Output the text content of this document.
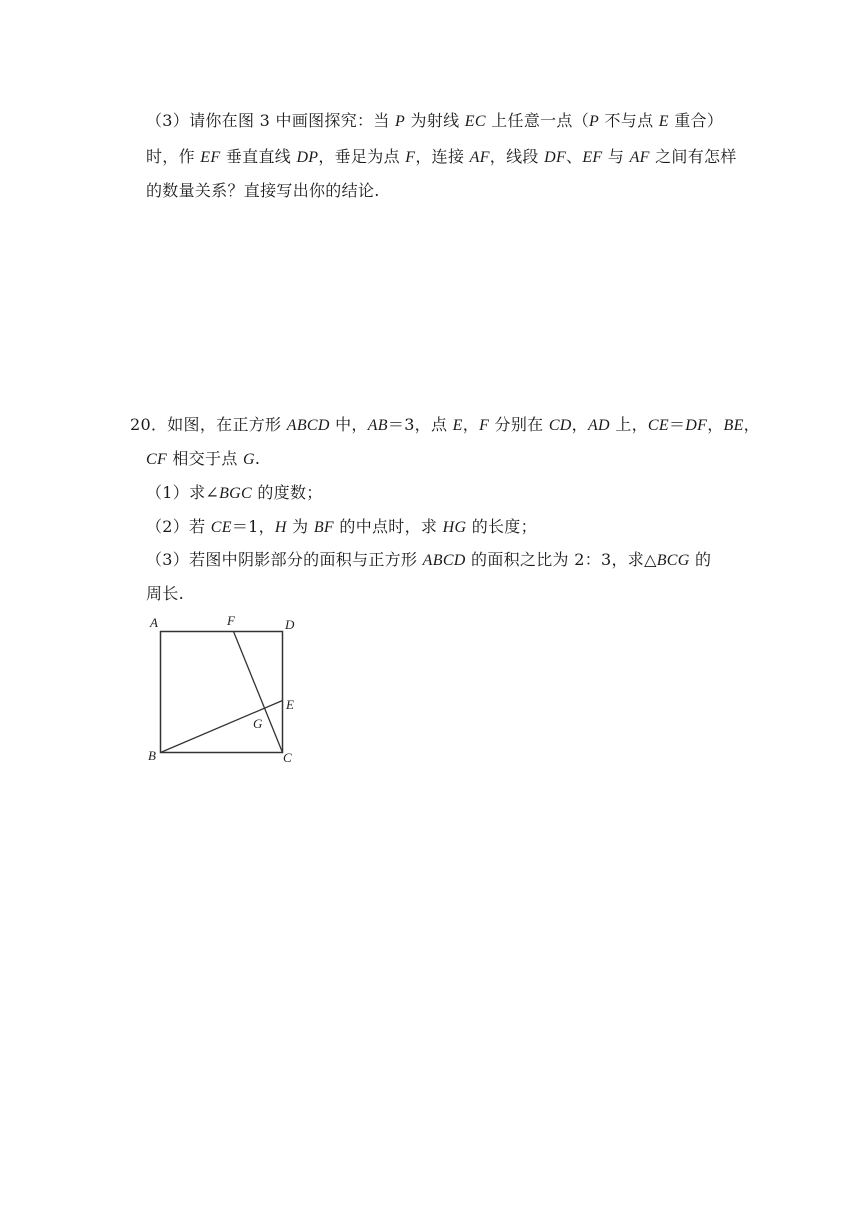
（3）请你在图 3 中画图探究：当 P 为射线 EC 上任意一点（P 不与点 E 重合）
时，作 EF 垂直直线 DP，垂足为点 F，连接 AF，线段 DF、EF 与 AF 之间有怎样
的数量关系？直接写出你的结论.
20．如图，在正方形 ABCD 中，AB＝3，点 E，F 分别在 CD，AD 上，CE＝DF，BE，
CF 相交于点 G.
（1）求∠BGC 的度数；
（2）若 CE＝1，H 为 BF 的中点时，求 HG 的长度；
（3）若图中阴影部分的面积与正方形 ABCD 的面积之比为 2：3，求△BCG 的
周长.
A	F	D
E
G
B	C
